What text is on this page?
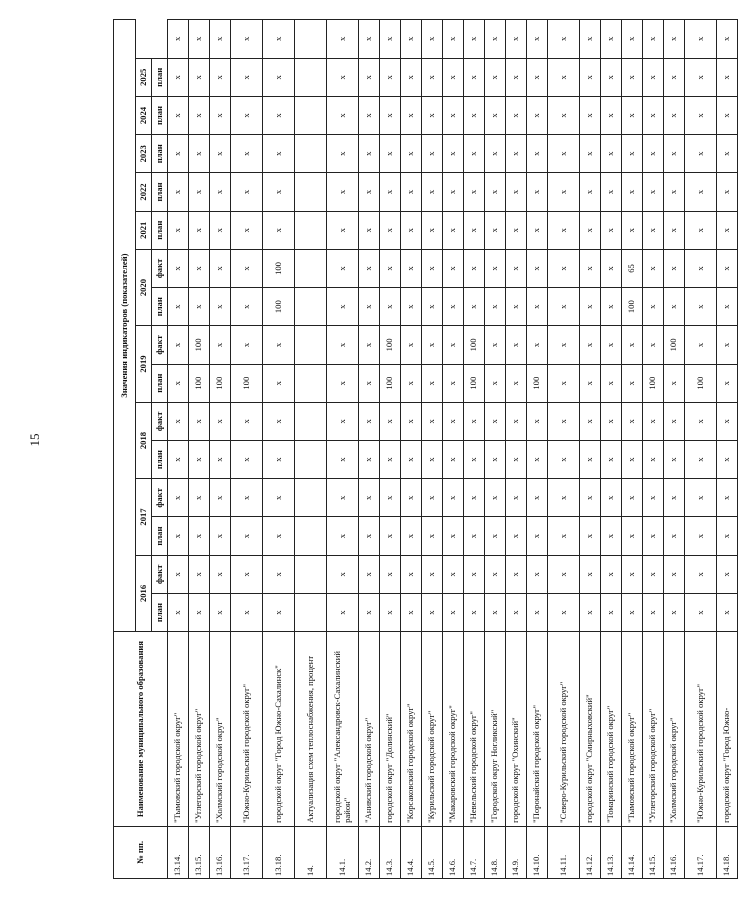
15
№ пп.	Наименование муниципального образования	Значения индикаторов (показателей)															
		2016		2017		2018		2019		2020		2021	2022	2023	2024	2025	
		план	факт	план	факт	план	факт	план	факт	план	факт	план	план	план	план	план	
13.14.	"Тымовский городской округ"	x	x	x	x	x	x	x	x	x	x	x	x	x	x	x	x
13.15.	"Углегорский городской округ"	x	x	x	x	x	x	100	100	x	x	x	x	x	x	x	x
13.16.	"Холмский городской округ"	x	x	x	x	x	x	100	x	x	x	x	x	x	x	x	x
13.17.	"Южно-Курильский городской округ"	x	x	x	x	x	x	100	x	x	x	x	x	x	x	x	x
13.18.	городской округ "Город Южно-Сахалинск"	x	x	x	x	x	x	x	x	100	100	x	x	x	x	x	x
14.	Актуализация схем теплоснабжения, процент																
14.1.	городской округ "Александровск-Сахалинский район"	x	x	x	x	x	x	x	x	x	x	x	x	x	x	x	x
14.2.	"Анивский городской округ"	x	x	x	x	x	x	x	x	x	x	x	x	x	x	x	x
14.3.	городской округ "Долинский"	x	x	x	x	x	x	100	100	x	x	x	x	x	x	x	x
14.4.	"Корсаковский городской округ"	x	x	x	x	x	x	x	x	x	x	x	x	x	x	x	x
14.5.	"Курильский городской округ"	x	x	x	x	x	x	x	x	x	x	x	x	x	x	x	x
14.6.	"Макаровский городской округ"	x	x	x	x	x	x	x	x	x	x	x	x	x	x	x	x
14.7.	"Невельский городской округ"	x	x	x	x	x	x	100	100	x	x	x	x	x	x	x	x
14.8.	"Городской округ Ногликский"	x	x	x	x	x	x	x	x	x	x	x	x	x	x	x	x
14.9.	городской округ "Охинский"	x	x	x	x	x	x	x	x	x	x	x	x	x	x	x	x
14.10.	"Поронайский городской округ"	x	x	x	x	x	x	100	x	x	x	x	x	x	x	x	x
14.11.	"Северо-Курильский городской округ"	x	x	x	x	x	x	x	x	x	x	x	x	x	x	x	x
14.12.	городской округ "Смирныховский"	x	x	x	x	x	x	x	x	x	x	x	x	x	x	x	x
14.13.	"Томаринский городской округ"	x	x	x	x	x	x	x	x	x	x	x	x	x	x	x	x
14.14.	"Тымовский городской округ"	x	x	x	x	x	x	x	x	100	65	x	x	x	x	x	x
14.15.	"Углегорский городской округ"	x	x	x	x	x	x	100	x	x	x	x	x	x	x	x	x
14.16.	"Холмский городской округ"	x	x	x	x	x	x	x	100	x	x	x	x	x	x	x	x
14.17.	"Южно-Курильский городской округ"	x	x	x	x	x	x	100	x	x	x	x	x	x	x	x	x
14.18.	городской округ "Город Южно-	x	x	x	x	x	x	x	x	x	x	x	x	x	x	x	x
